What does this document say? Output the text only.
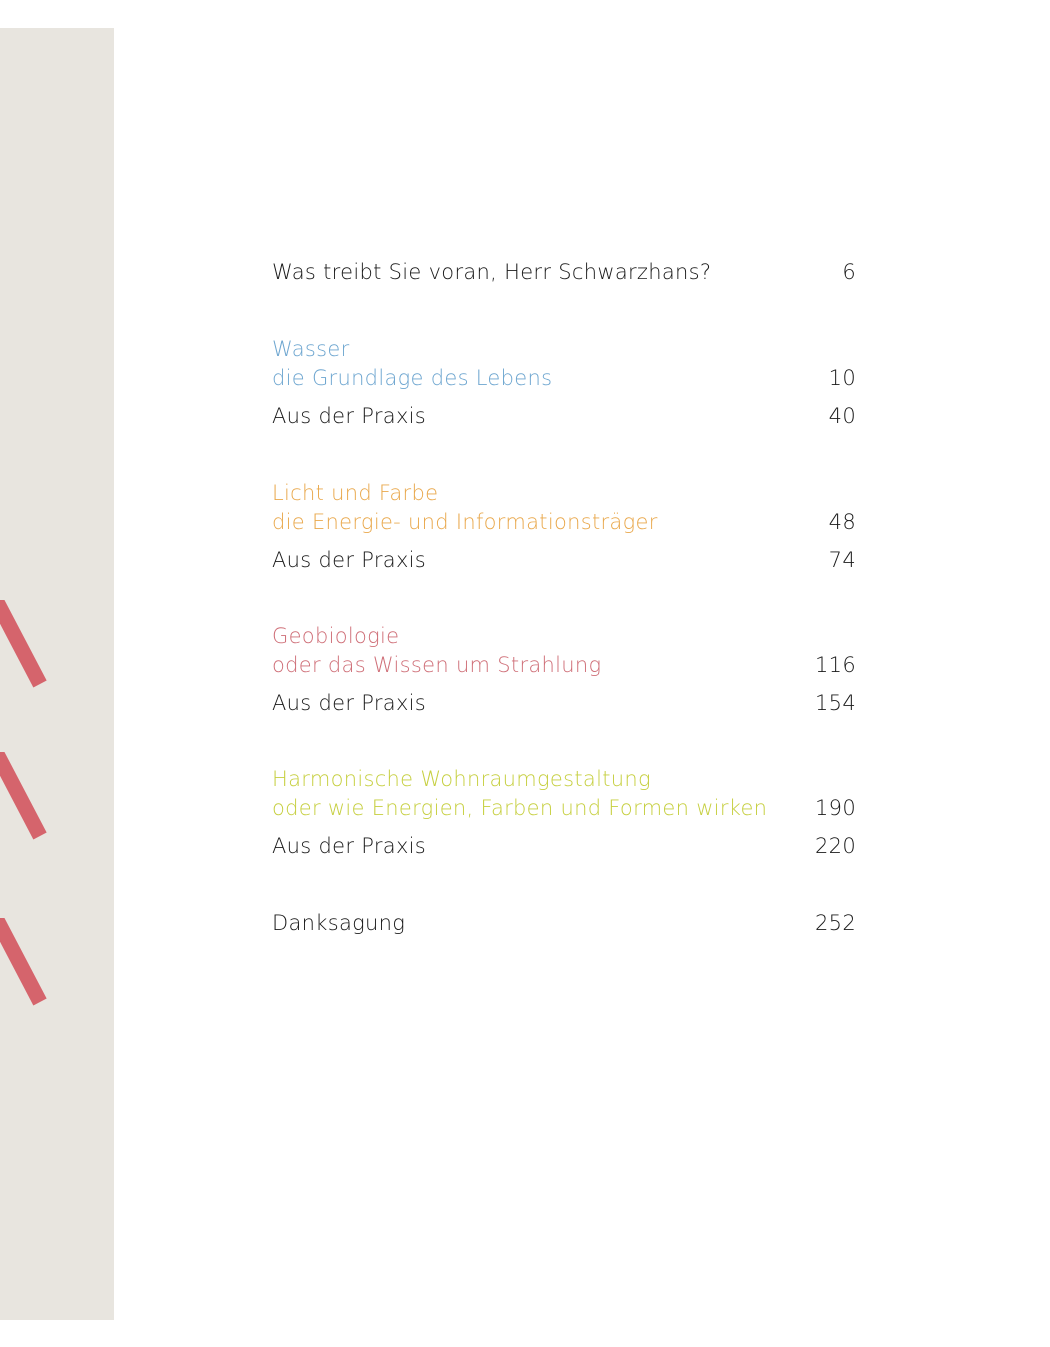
Was treibt Sie voran, Herr Schwarzhans?	6
Wasser
die Grundlage des Lebens	10
Aus der Praxis	40
Licht und Farbe
die Energie- und Informationsträger	48
Aus der Praxis	74
Geobiologie
oder das Wissen um Strahlung	116
Aus der Praxis	154
Harmonische Wohnraumgestaltung
oder wie Energien, Farben und Formen wirken	190
Aus der Praxis	220
Danksagung	252
